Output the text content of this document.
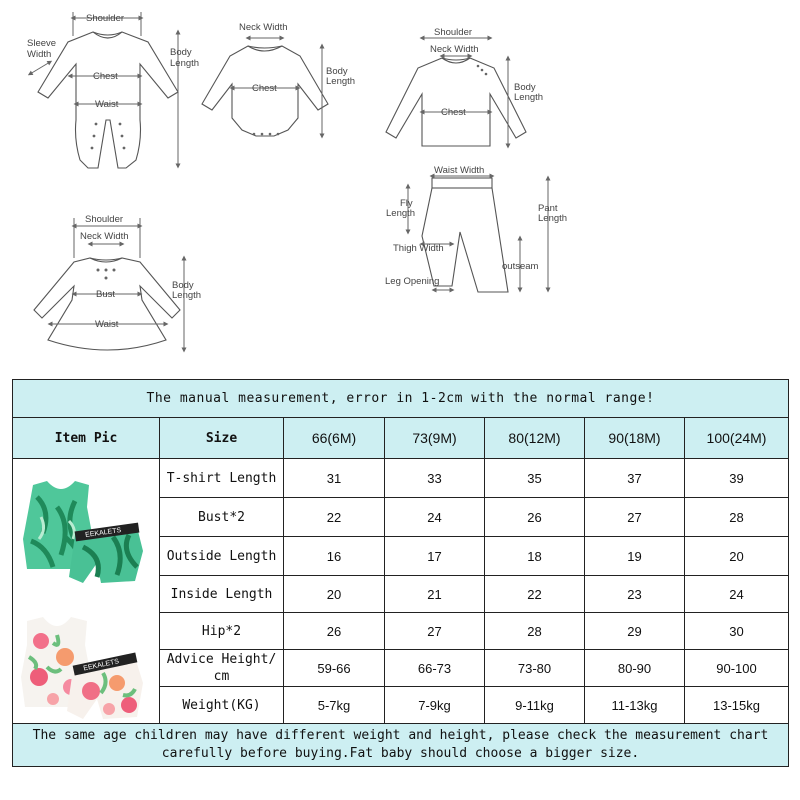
Shoulder
Sleeve
Width
Chest
Waist
Body
Length
Neck Width
Chest
Body
Length
Shoulder
Neck Width
Chest
Body
Length
Waist Width
Fly
Length	Pant
Length
Thigh Width
outseam
Leg Opening
Shoulder
Neck Width
Bust
Waist
Body
Length
The manual measurement, error in 1-2cm with the normal range!						
Item Pic	Size	66(6M)	73(9M)	80(12M)	90(18M)	100(24M)

EEKALETS
EEKALETS	T-shirt Length	31	33	35	37	39
	Bust*2	22	24	26	27	28
	Outside Length	16	17	18	19	20
	Inside Length	20	21	22	23	24
	Hip*2	26	27	28	29	30
	Advice Height/ cm	59-66	66-73	73-80	80-90	90-100
	Weight(KG)	5-7kg	7-9kg	9-11kg	11-13kg	13-15kg
The same age children may have different weight and height, please check the measurement chart carefully before buying.Fat baby should choose a bigger size.						
